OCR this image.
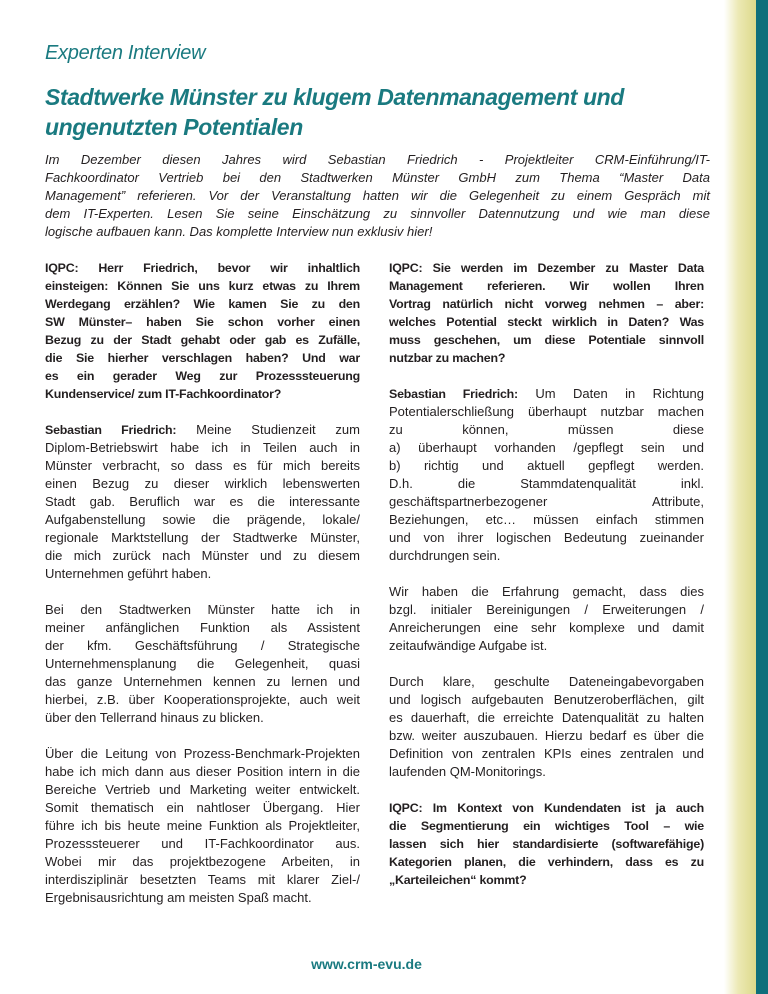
Experten Interview
Stadtwerke Münster zu klugem Datenmanagement und
ungenutzten Potentialen
Im Dezember diesen Jahres wird Sebastian Friedrich - Projektleiter CRM-Einführung/IT-
Fachkoordinator Vertrieb bei den Stadtwerken Münster GmbH zum Thema “Master Data
Management” referieren. Vor der Veranstaltung hatten wir die Gelegenheit zu einem Gespräch mit
dem IT-Experten. Lesen Sie seine Einschätzung zu sinnvoller Datennutzung und wie man diese
logische aufbauen kann. Das komplette Interview nun exklusiv hier!
IQPC: Herr Friedrich, bevor wir inhaltlich
einsteigen: Können Sie uns kurz etwas zu Ihrem
Werdegang erzählen? Wie kamen Sie zu den
SW Münster– haben Sie schon vorher einen
Bezug zu der Stadt gehabt oder gab es Zufälle,
die Sie hierher verschlagen haben? Und war
es ein gerader Weg zur Prozesssteuerung
Kundenservice/ zum IT-Fachkoordinator?
Sebastian Friedrich: Meine Studienzeit zum
Diplom-Betriebswirt habe ich in Teilen auch in
Münster verbracht, so dass es für mich bereits
einen Bezug zu dieser wirklich lebenswerten
Stadt gab. Beruflich war es die interessante
Aufgabenstellung sowie die prägende, lokale/
regionale Marktstellung der Stadtwerke Münster,
die mich zurück nach Münster und zu diesem
Unternehmen geführt haben.
Bei den Stadtwerken Münster hatte ich in
meiner anfänglichen Funktion als Assistent
der kfm. Geschäftsführung / Strategische
Unternehmensplanung die Gelegenheit, quasi
das ganze Unternehmen kennen zu lernen und
hierbei, z.B. über Kooperationsprojekte, auch weit
über den Tellerrand hinaus zu blicken.
Über die Leitung von Prozess-Benchmark-Projekten
habe ich mich dann aus dieser Position intern in die
Bereiche Vertrieb und Marketing weiter entwickelt.
Somit thematisch ein nahtloser Übergang. Hier
führe ich bis heute meine Funktion als Projektleiter,
Prozesssteuerer und IT-Fachkoordinator aus.
Wobei mir das projektbezogene Arbeiten, in
interdisziplinär besetzten Teams mit klarer Ziel-/
Ergebnisausrichtung am meisten Spaß macht.
IQPC: Sie werden im Dezember zu Master Data
Management referieren. Wir wollen Ihren
Vortrag natürlich nicht vorweg nehmen – aber:
welches Potential steckt wirklich in Daten? Was
muss geschehen, um diese Potentiale sinnvoll
nutzbar zu machen?
Sebastian Friedrich: Um Daten in Richtung
Potentialerschließung überhaupt nutzbar machen
zu können, müssen diese
a) überhaupt vorhanden /gepflegt sein und
b) richtig und aktuell gepflegt werden.
D.h. die Stammdatenqualität inkl.
geschäftspartnerbezogener Attribute,
Beziehungen, etc… müssen einfach stimmen
und von ihrer logischen Bedeutung zueinander
durchdrungen sein.
Wir haben die Erfahrung gemacht, dass dies
bzgl. initialer Bereinigungen / Erweiterungen /
Anreicherungen eine sehr komplexe und damit
zeitaufwändige Aufgabe ist.
Durch klare, geschulte Dateneingabevorgaben
und logisch aufgebauten Benutzeroberflächen, gilt
es dauerhaft, die erreichte Datenqualität zu halten
bzw. weiter auszubauen. Hierzu bedarf es über die
Definition von zentralen KPIs eines zentralen und
laufenden QM-Monitorings.
IQPC: Im Kontext von Kundendaten ist ja auch
die Segmentierung ein wichtiges Tool – wie
lassen sich hier standardisierte (softwarefähige)
Kategorien planen, die verhindern, dass es zu
„Karteileichen“ kommt?
www.crm-evu.de
